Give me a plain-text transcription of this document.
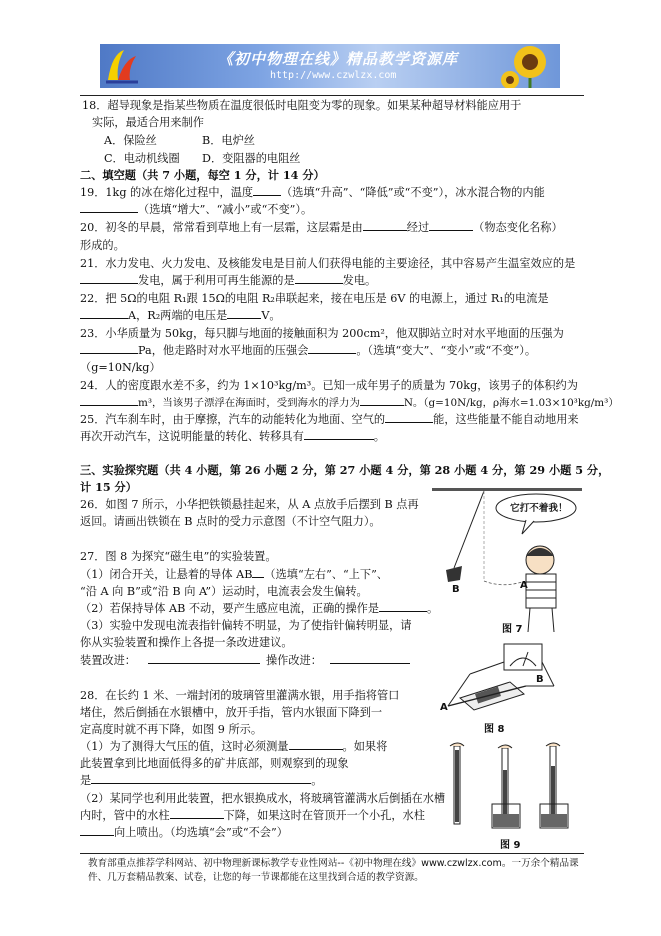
《初中物理在线》精品教学资源库
http://www.czwlzx.com
18．超导现象是指某些物质在温度很低时电阻变为零的现象。如果某种超导材料能应用于
实际，最适合用来制作
A．保险丝	B．电炉丝
C．电动机线圈 D．变阻器的电阻丝
二、填空题（共 7 小题，每空 1 分，计 14 分）
19．1kg 的冰在熔化过程中，温度	（选填“升高”、“降低”或“不变”），冰水混合物的内能
（选填“增大”、“减小”或“不变”）。
20．初冬的早晨，常常看到草地上有一层霜，这层霜是由	经过	（物态变化名称）
形成的。
21．水力发电、火力发电、及核能发电是目前人们获得电能的主要途径，其中容易产生温室效应的是
发电，属于利用可再生能源的是	发电。
22．把 5Ω的电阻 R₁跟 15Ω的电阻 R₂串联起来，接在电压是 6V 的电源上，通过 R₁的电流是
A，R₂两端的电压是	V。
23．小华质量为 50kg，每只脚与地面的接触面积为 200cm²，他双脚站立时对水平地面的压强为
Pa，他走路时对水平地面的压强会	。（选填“变大”、“变小”或“不变”）。
（g=10N/kg）
24．人的密度跟水差不多，约为 1×10³kg/m³。已知一成年男子的质量为 70kg，该男子的体积约为
m³，当该男子漂浮在海面时，受到海水的浮力为	N。（g=10N/kg，ρ海水=1.03×10³kg/m³）
25．汽车刹车时，由于摩擦，汽车的动能转化为地面、空气的	能，这些能量不能自动地用来
再次开动汽车，这说明能量的转化、转移具有	。
三、实验探究题（共 4 小题，第 26 小题 2 分，第 27 小题 4 分，第 28 小题 4 分，第 29 小题 5 分，
计 15 分）
26．如图 7 所示，小华把铁锁悬挂起来，从 A 点放手后摆到 B 点再
返回。请画出铁锁在 B 点时的受力示意图（不计空气阻力）。
27．图 8 为探究“磁生电”的实验装置。
（1）闭合开关，让悬着的导体 AB （选填“左右”、“上下”、
“沿 A 向 B”或“沿 B 向 A”）运动时，电流表会发生偏转。
（2）若保持导体 AB 不动，要产生感应电流，正确的操作是	。
（3）实验中发现电流表指针偏转不明显，为了使指针偏转明显，请
你从实验装置和操作上各提一条改进建议。
装置改进：	操作改进：
28．在长约 1 米、一端封闭的玻璃管里灌满水银，用手指将管口
堵住，然后倒插在水银槽中，放开手指，管内水银面下降到一
定高度时就不再下降，如图 9 所示。
（1）为了测得大气压的值，这时必须测量	。如果将
此装置拿到比地面低得多的矿井底部，则观察到的现象
是	。
（2）某同学也利用此装置，把水银换成水，将玻璃管灌满水后倒插在水槽
内时，管中的水柱	下降，如果这时在管顶开一个小孔，水柱
向上喷出。（均选填“会”或“不会”）
它打不着我！
B	A
图 7
A
B
图 8
图 9
教育部重点推荐学科网站、初中物理新课标教学专业性网站--《初中物理在线》www.czwlzx.com。一万余个精品课
件、几万套精品教案、试卷，让您的每一节课都能在这里找到合适的教学资源。
